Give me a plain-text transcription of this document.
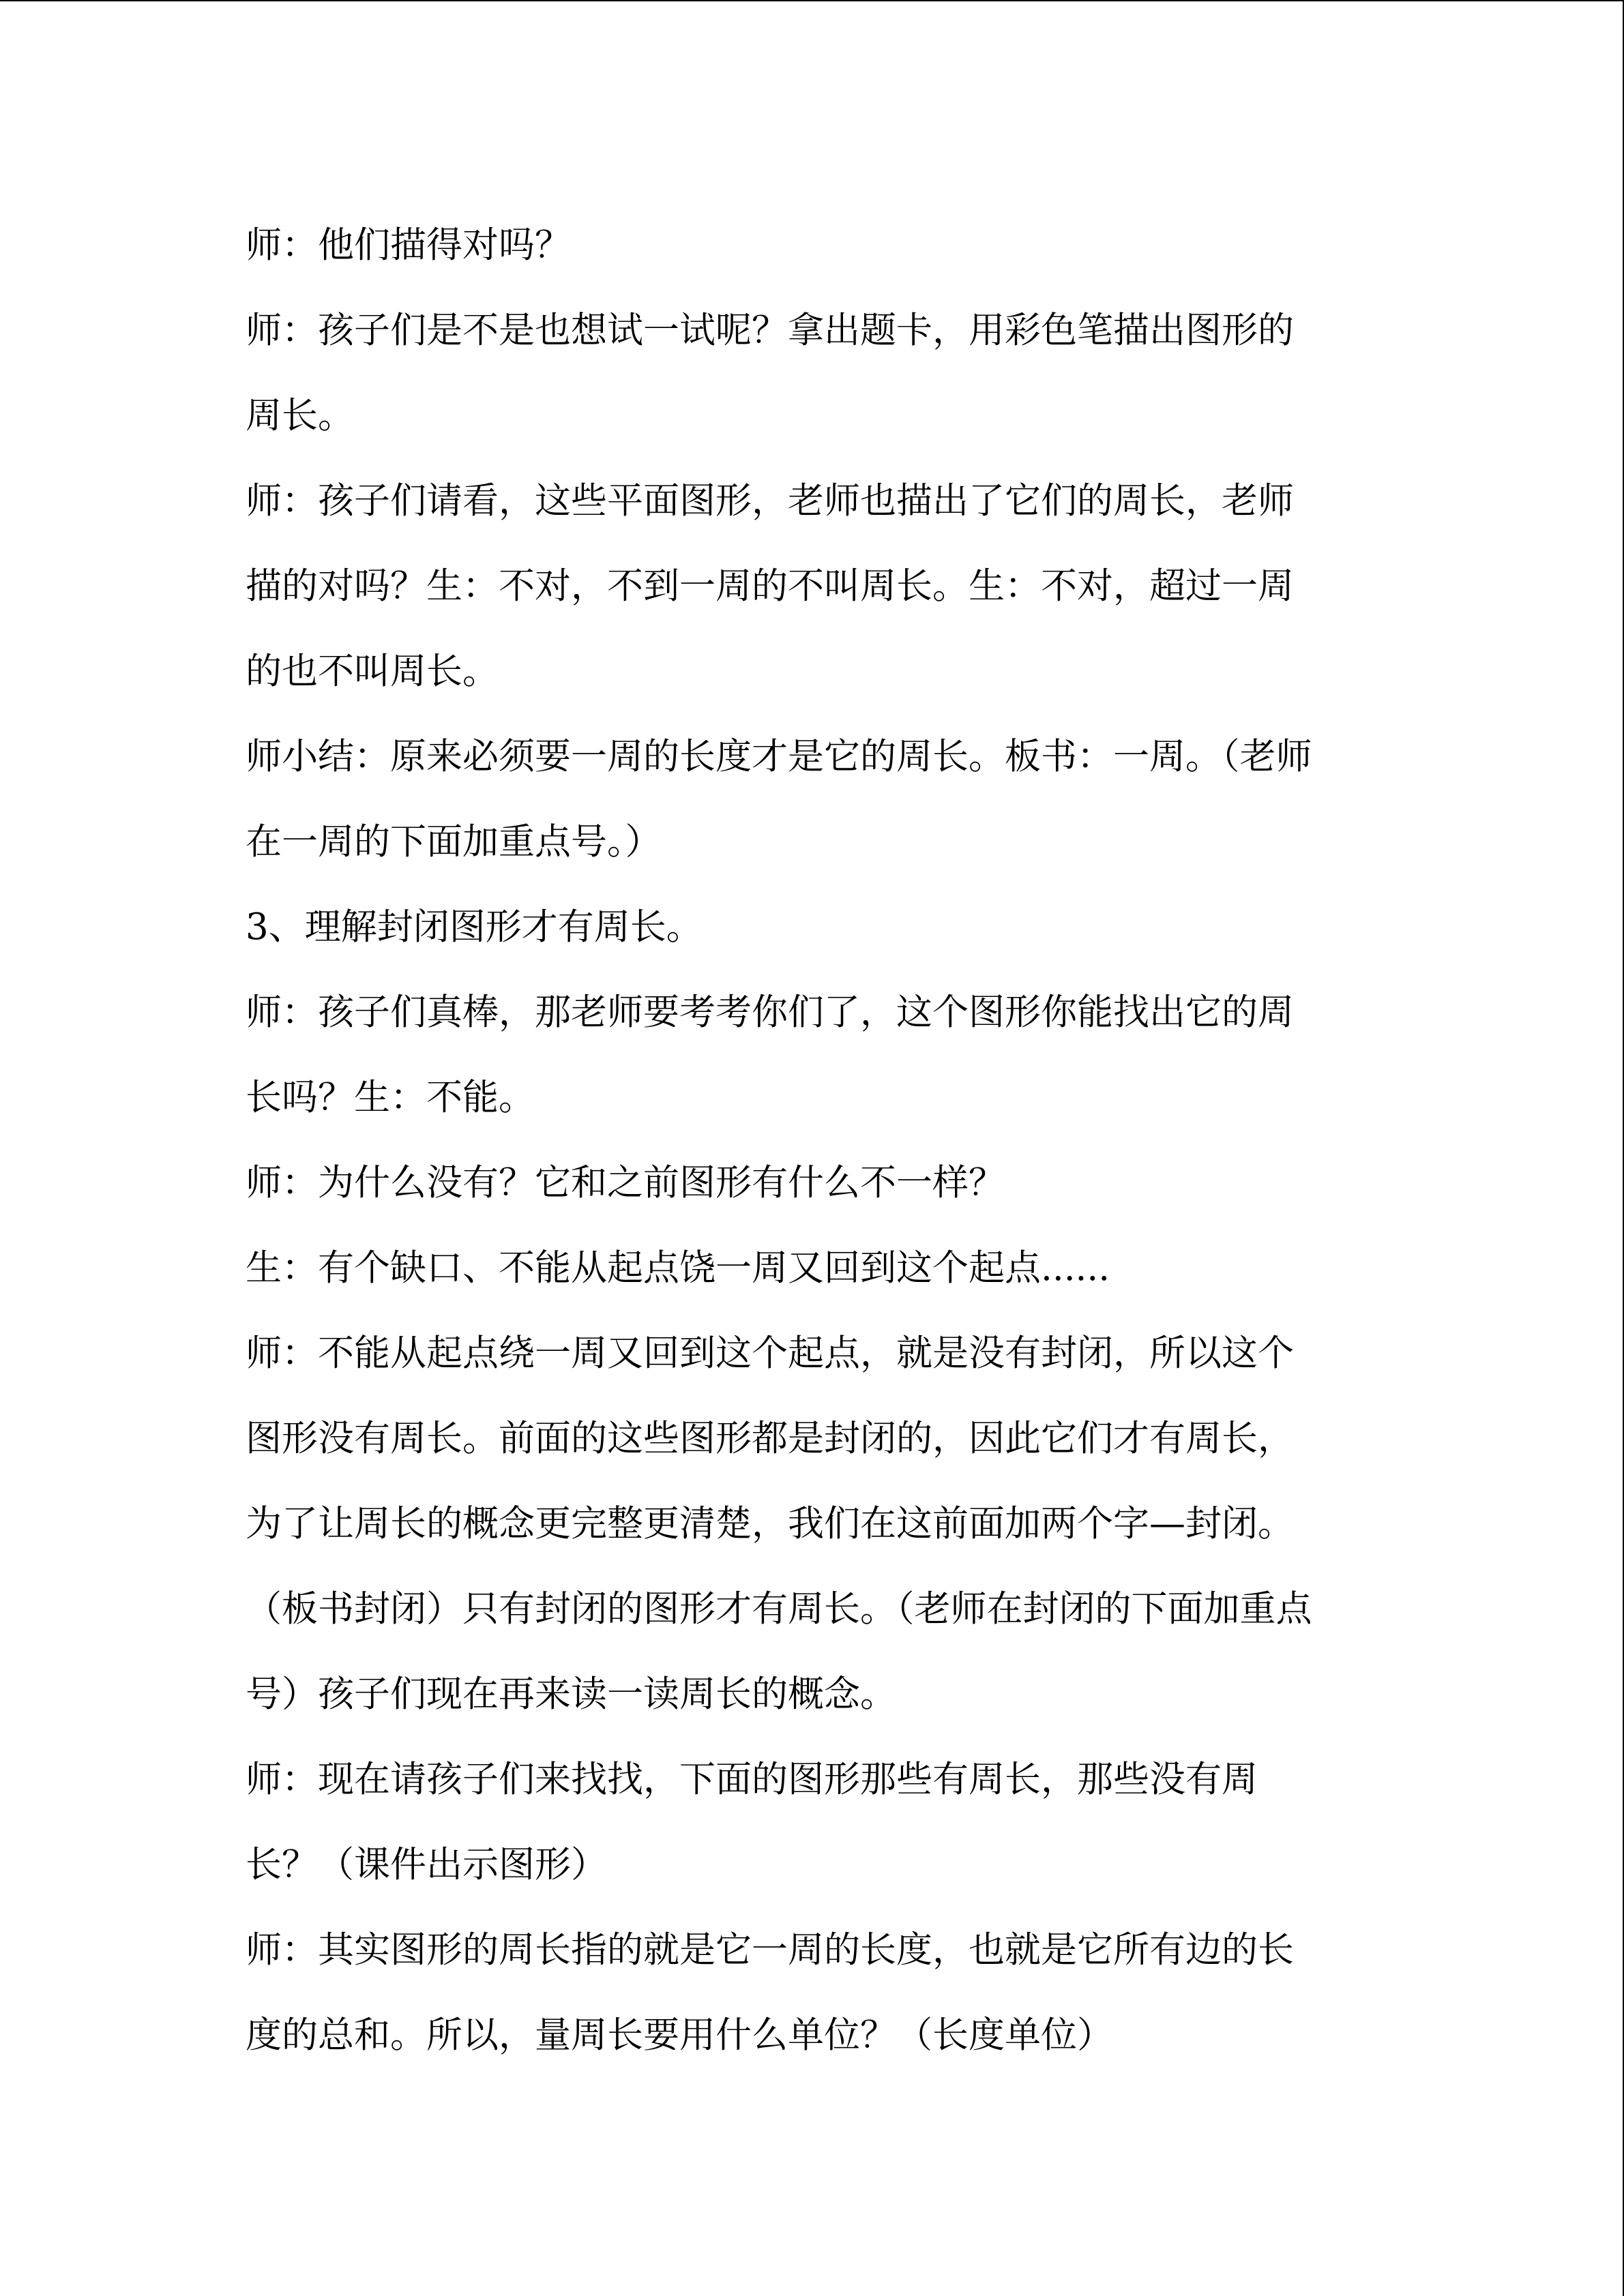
师：他们描得对吗？
师：孩子们是不是也想试一试呢？拿出题卡，用彩色笔描出图形的
周长。
师：孩子们请看，这些平面图形，老师也描出了它们的周长，老师
描的对吗？生：不对，不到一周的不叫周长。生：不对，超过一周
的也不叫周长。
师小结：原来必须要一周的长度才是它的周长。板书：一周。（老师
在一周的下面加重点号。）
3、理解封闭图形才有周长。
师：孩子们真棒，那老师要考考你们了，这个图形你能找出它的周
长吗？生：不能。
师：为什么没有？它和之前图形有什么不一样？
生：有个缺口、不能从起点饶一周又回到这个起点......
师：不能从起点绕一周又回到这个起点，就是没有封闭，所以这个
图形没有周长。前面的这些图形都是封闭的，因此它们才有周长，
为了让周长的概念更完整更清楚，我们在这前面加两个字—封闭。
（板书封闭）只有封闭的图形才有周长。（老师在封闭的下面加重点
号）孩子们现在再来读一读周长的概念。
师：现在请孩子们来找找，下面的图形那些有周长，那些没有周
长？（课件出示图形）
师：其实图形的周长指的就是它一周的长度，也就是它所有边的长
度的总和。所以，量周长要用什么单位？（长度单位）
